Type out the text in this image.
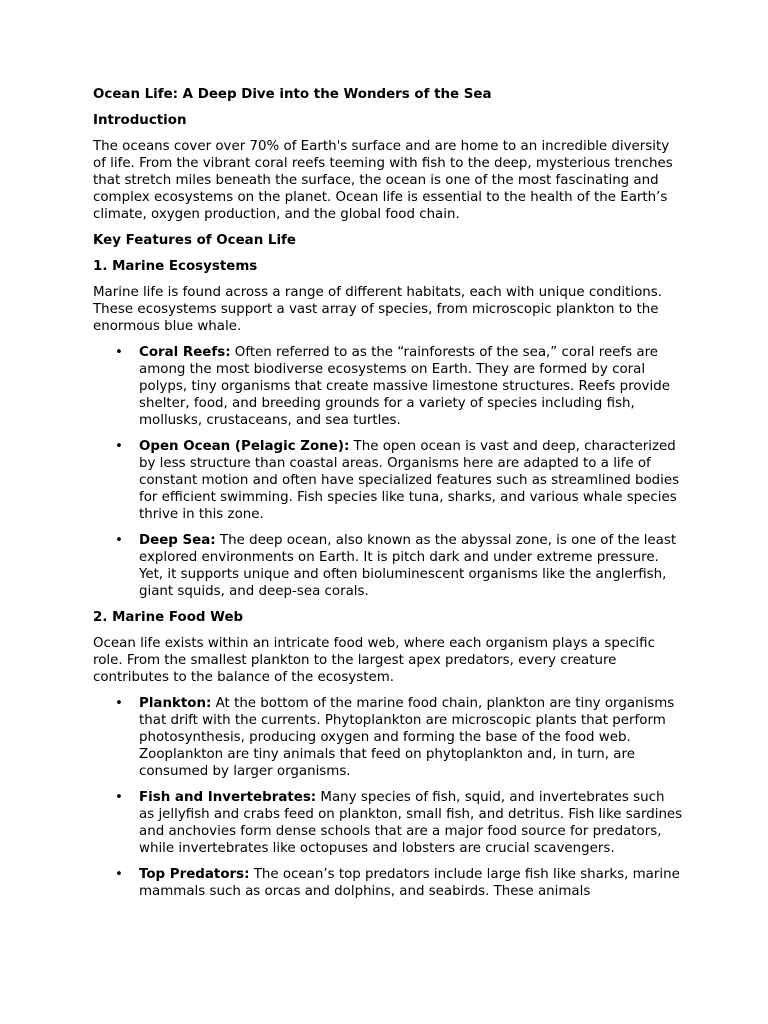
Ocean Life: A Deep Dive into the Wonders of the Sea
Introduction
The oceans cover over 70% of Earth's surface and are home to an incredible diversity of life. From the vibrant coral reefs teeming with fish to the deep, mysterious trenches that stretch miles beneath the surface, the ocean is one of the most fascinating and complex ecosystems on the planet. Ocean life is essential to the health of the Earth’s climate, oxygen production, and the global food chain.
Key Features of Ocean Life
1. Marine Ecosystems
Marine life is found across a range of different habitats, each with unique conditions. These ecosystems support a vast array of species, from microscopic plankton to the enormous blue whale.
• Coral Reefs: Often referred to as the “rainforests of the sea,” coral reefs are among the most biodiverse ecosystems on Earth. They are formed by coral polyps, tiny organisms that create massive limestone structures. Reefs provide shelter, food, and breeding grounds for a variety of species including fish, mollusks, crustaceans, and sea turtles.
• Open Ocean (Pelagic Zone): The open ocean is vast and deep, characterized by less structure than coastal areas. Organisms here are adapted to a life of constant motion and often have specialized features such as streamlined bodies for efficient swimming. Fish species like tuna, sharks, and various whale species thrive in this zone.
• Deep Sea: The deep ocean, also known as the abyssal zone, is one of the least explored environments on Earth. It is pitch dark and under extreme pressure. Yet, it supports unique and often bioluminescent organisms like the anglerfish, giant squids, and deep-sea corals.
2. Marine Food Web
Ocean life exists within an intricate food web, where each organism plays a specific role. From the smallest plankton to the largest apex predators, every creature contributes to the balance of the ecosystem.
• Plankton: At the bottom of the marine food chain, plankton are tiny organisms that drift with the currents. Phytoplankton are microscopic plants that perform photosynthesis, producing oxygen and forming the base of the food web. Zooplankton are tiny animals that feed on phytoplankton and, in turn, are consumed by larger organisms.
• Fish and Invertebrates: Many species of fish, squid, and invertebrates such as jellyfish and crabs feed on plankton, small fish, and detritus. Fish like sardines and anchovies form dense schools that are a major food source for predators, while invertebrates like octopuses and lobsters are crucial scavengers.
• Top Predators: The ocean’s top predators include large fish like sharks, marine mammals such as orcas and dolphins, and seabirds. These animals
